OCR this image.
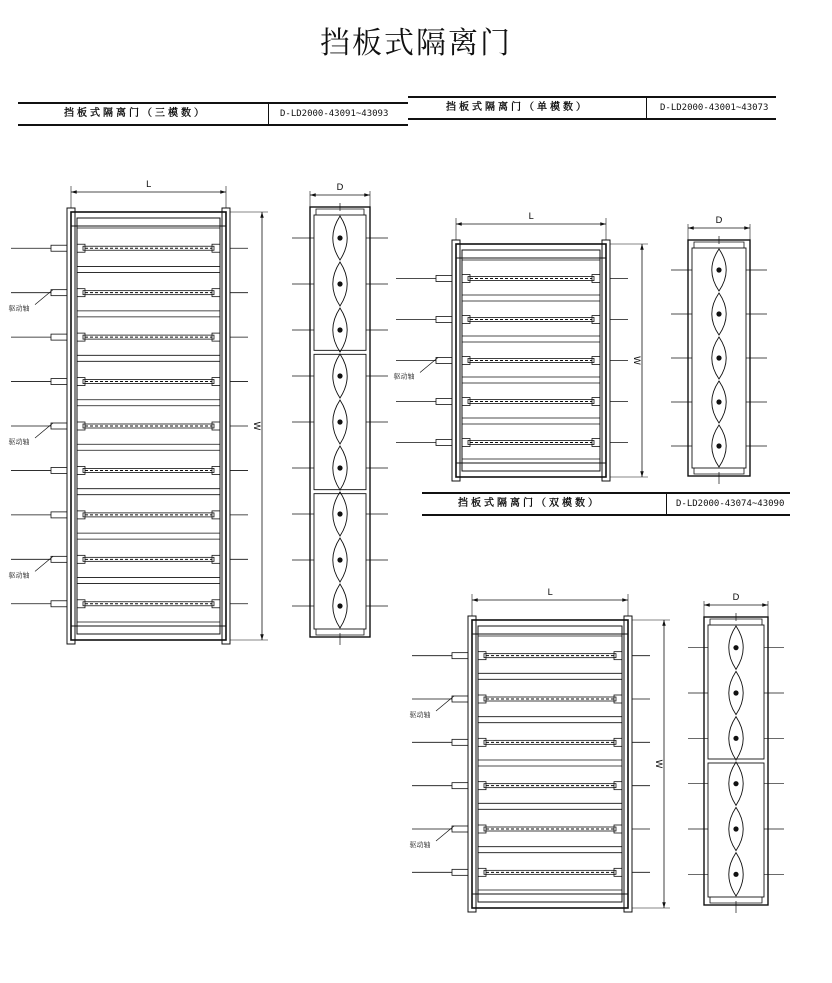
挡板式隔离门
挡板式隔离门（三模数）	D-LD2000-43091~43093
挡板式隔离门（单模数）	D-LD2000-43001~43073
挡板式隔离门（双模数）	D-LD2000-43074~43090
L
W
驱动轴
驱动轴
驱动轴
D
L
W
驱动轴
D
L
W
驱动轴
驱动轴
D
